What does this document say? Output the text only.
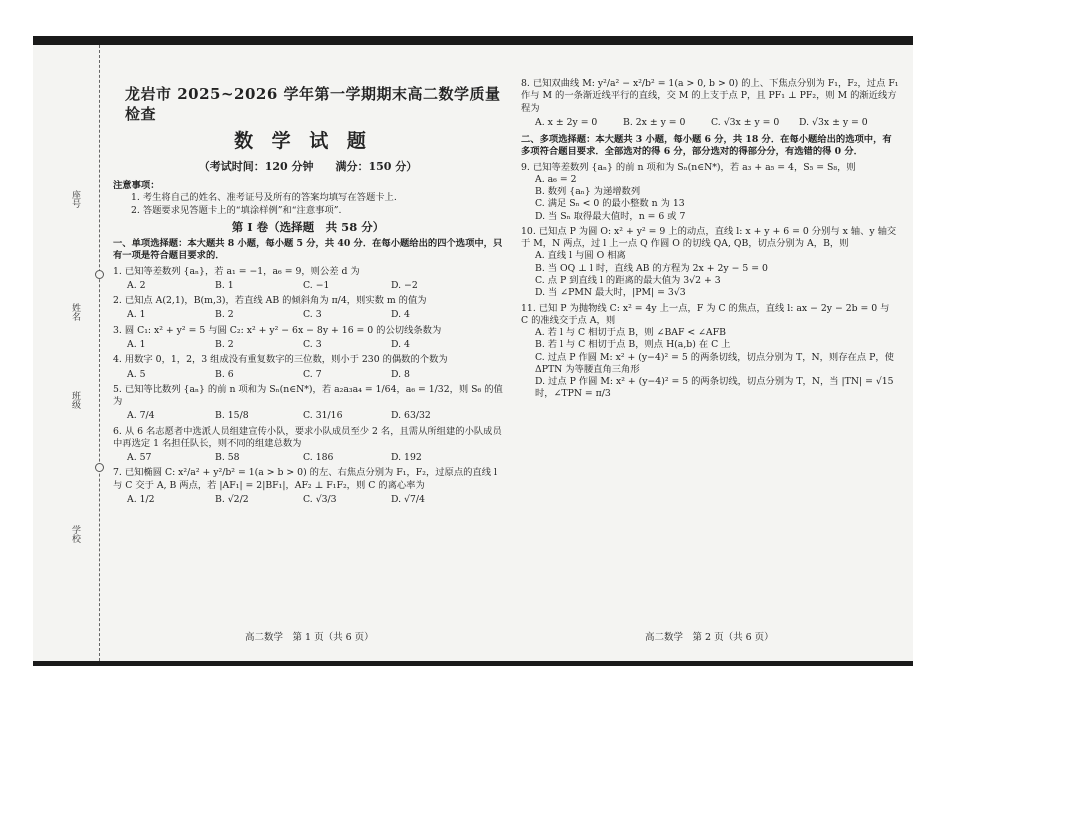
座号
姓名
班级
学校
龙岩市 2025~2026 学年第一学期期末高二数学质量检查
数 学 试 题
（考试时间：120 分钟　　满分：150 分）
注意事项：
1. 考生将自己的姓名、准考证号及所有的答案均填写在答题卡上.
2. 答题要求见答题卡上的“填涂样例”和“注意事项”.
第 I 卷（选择题　共 58 分）
一、单项选择题：本大题共 8 小题，每小题 5 分，共 40 分．在每小题给出的四个选项中，只有一项是符合题目要求的．
1. 已知等差数列 {aₙ}，若 a₁ = −1，a₆ = 9，则公差 d 为
A. 2	B. 1	C. −1	D. −2
2. 已知点 A(2,1)，B(m,3)，若直线 AB 的倾斜角为 π/4，则实数 m 的值为
A. 1	B. 2	C. 3	D. 4
3. 圆 C₁: x² + y² = 5 与圆 C₂: x² + y² − 6x − 8y + 16 = 0 的公切线条数为
A. 1	B. 2	C. 3	D. 4
4. 用数字 0，1，2，3 组成没有重复数字的三位数，则小于 230 的偶数的个数为
A. 5	B. 6	C. 7	D. 8
5. 已知等比数列 {aₙ} 的前 n 项和为 Sₙ(n∈N*)，若 a₂a₃a₄ = 1/64，a₆ = 1/32，则 S₆ 的值为
A. 7/4	B. 15/8	C. 31/16	D. 63/32
6. 从 6 名志愿者中选派人员组建宣传小队，要求小队成员至少 2 名，且需从所组建的小队成员中再选定 1 名担任队长，则不同的组建总数为
A. 57	B. 58	C. 186	D. 192
7. 已知椭圆 C: x²/a² + y²/b² = 1(a > b > 0) 的左、右焦点分别为 F₁，F₂，过原点的直线 l 与 C 交于 A, B 两点，若 |AF₁| = 2|BF₁|，AF₂ ⊥ F₁F₂，则 C 的离心率为
A. 1/2	B. √2/2	C. √3/3	D. √7/4
高二数学　第 1 页（共 6 页）
8. 已知双曲线 M: y²/a² − x²/b² = 1(a > 0, b > 0) 的上、下焦点分别为 F₁，F₂，过点 F₁ 作与 M 的一条渐近线平行的直线，交 M 的上支于点 P，且 PF₁ ⊥ PF₂，则 M 的渐近线方程为
A. x ± 2y = 0	B. 2x ± y = 0	C. √3x ± y = 0	D. √3x ± y = 0
二、多项选择题：本大题共 3 小题，每小题 6 分，共 18 分．在每小题给出的选项中，有多项符合题目要求．全部选对的得 6 分，部分选对的得部分分，有选错的得 0 分．
9. 已知等差数列 {aₙ} 的前 n 项和为 Sₙ(n∈N*)，若 a₃ + a₅ = 4，S₅ = S₈，则
A. a₆ = 2
B. 数列 {aₙ} 为递增数列
C. 满足 Sₙ < 0 的最小整数 n 为 13
D. 当 Sₙ 取得最大值时，n = 6 或 7
10. 已知点 P 为圆 O: x² + y² = 9 上的动点，直线 l: x + y + 6 = 0 分别与 x 轴、y 轴交于 M，N 两点，过 l 上一点 Q 作圆 O 的切线 QA, QB，切点分别为 A，B，则
A. 直线 l 与圆 O 相离
B. 当 OQ ⊥ l 时，直线 AB 的方程为 2x + 2y − 5 = 0
C. 点 P 到直线 l 的距离的最大值为 3√2 + 3
D. 当 ∠PMN 最大时，|PM| = 3√3
11. 已知 P 为抛物线 C: x² = 4y 上一点，F 为 C 的焦点，直线 l: ax − 2y − 2b = 0 与 C 的准线交于点 A，则
A. 若 l 与 C 相切于点 B，则 ∠BAF < ∠AFB
B. 若 l 与 C 相切于点 B，则点 H(a,b) 在 C 上
C. 过点 P 作圆 M: x² + (y−4)² = 5 的两条切线，切点分别为 T，N，则存在点 P，使 ΔPTN 为等腰直角三角形
D. 过点 P 作圆 M: x² + (y−4)² = 5 的两条切线，切点分别为 T，N，当 |TN| = √15 时，∠TPN = π/3
高二数学　第 2 页（共 6 页）
